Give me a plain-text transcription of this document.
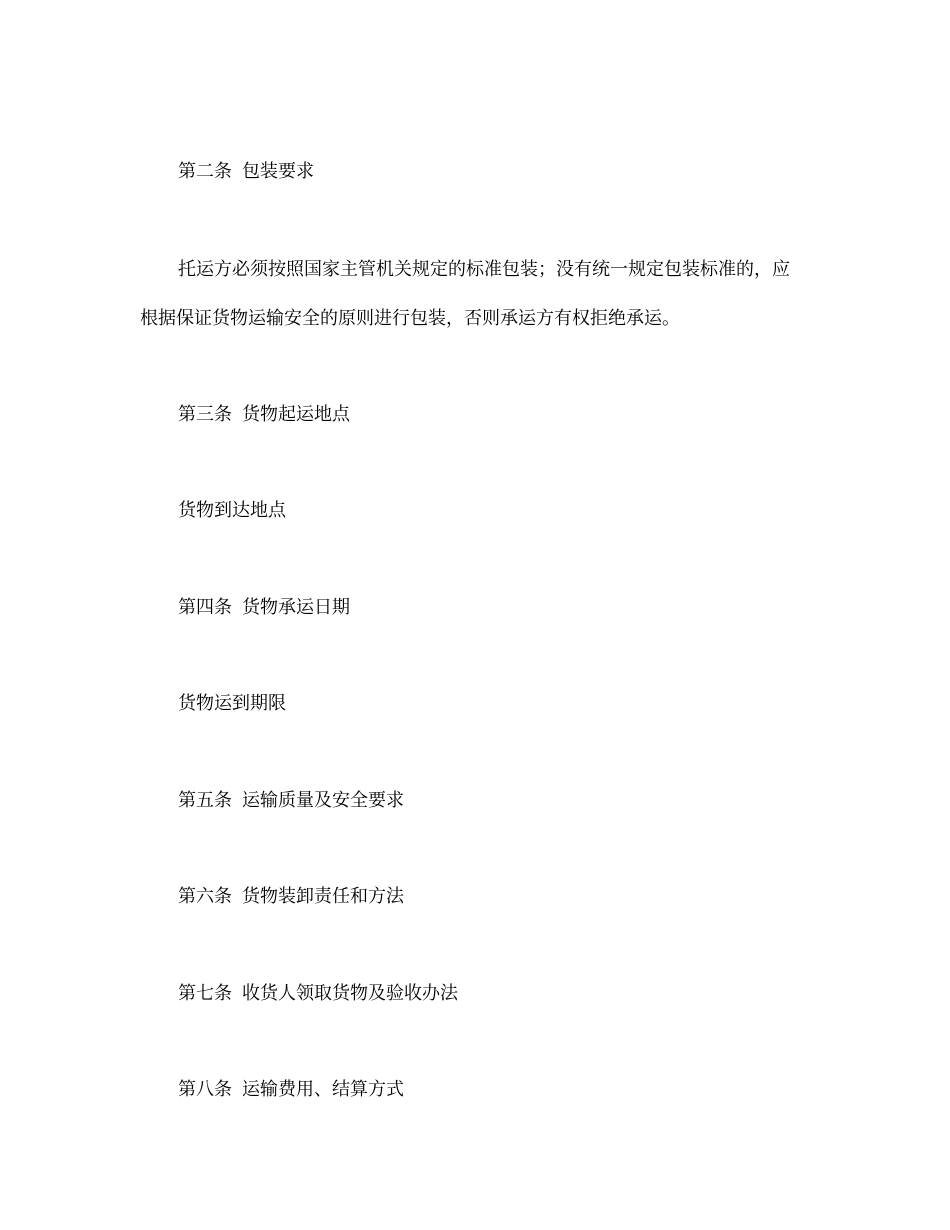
第二条 包装要求
托运方必须按照国家主管机关规定的标准包装；没有统一规定包装标准的，应
根据保证货物运输安全的原则进行包装，否则承运方有权拒绝承运。
第三条 货物起运地点
货物到达地点
第四条 货物承运日期
货物运到期限
第五条 运输质量及安全要求
第六条 货物装卸责任和方法
第七条 收货人领取货物及验收办法
第八条 运输费用、结算方式
